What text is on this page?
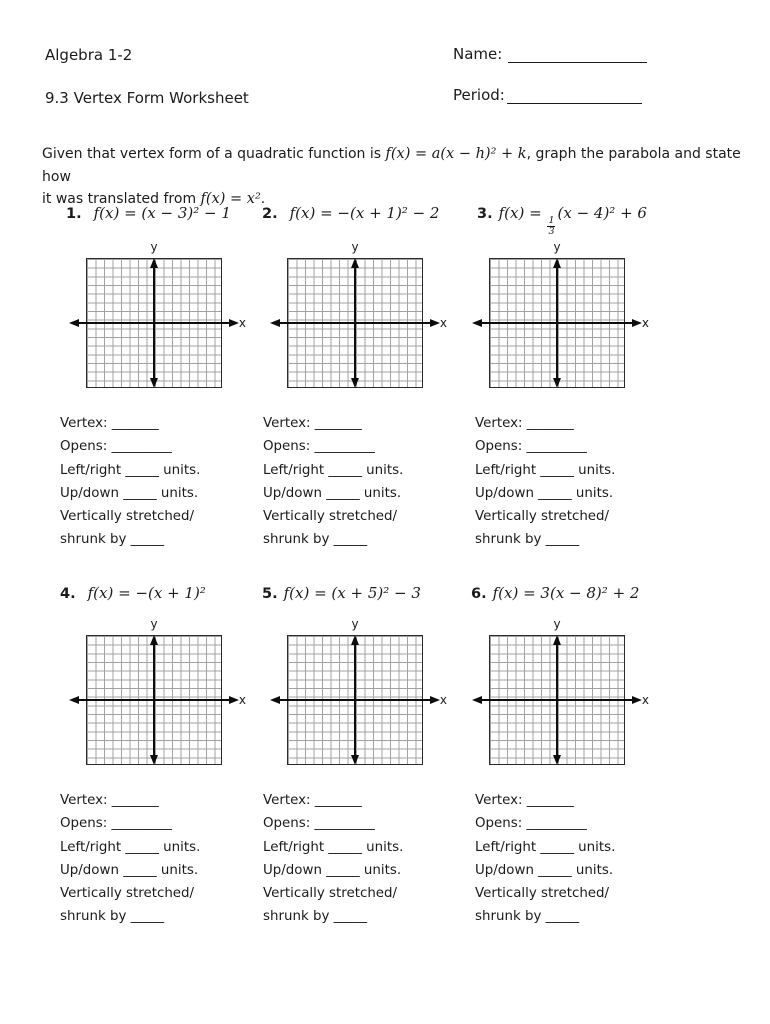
Algebra 1-2	Name:
9.3 Vertex Form Worksheet	Period:
Given that vertex form of a quadratic function is f(x) = a(x − h)² + k, graph the parabola and state how
it was translated from f(x) = x².
1. f(x) = (x − 3)² − 1 2. f(x) = −(x + 1)² − 2	3. f(x) =
$\frac{1}{3}$
(x − 4)² + 6
y
x
y
x
y
x
Vertex: _______
Opens: _________
Left/right _____ units.
Up/down _____ units.
Vertically stretched/
shrunk by _____
Vertex: _______
Opens: _________
Left/right _____ units.
Up/down _____ units.
Vertically stretched/
shrunk by _____
Vertex: _______
Opens: _________
Left/right _____ units.
Up/down _____ units.
Vertically stretched/
shrunk by _____
4. f(x) = −(x + 1)²	5. f(x) = (x + 5)² − 3	6. f(x) = 3(x − 8)² + 2
y
x
y
x
y
x
Vertex: _______
Opens: _________
Left/right _____ units.
Up/down _____ units.
Vertically stretched/
shrunk by _____
Vertex: _______
Opens: _________
Left/right _____ units.
Up/down _____ units.
Vertically stretched/
shrunk by _____
Vertex: _______
Opens: _________
Left/right _____ units.
Up/down _____ units.
Vertically stretched/
shrunk by _____
